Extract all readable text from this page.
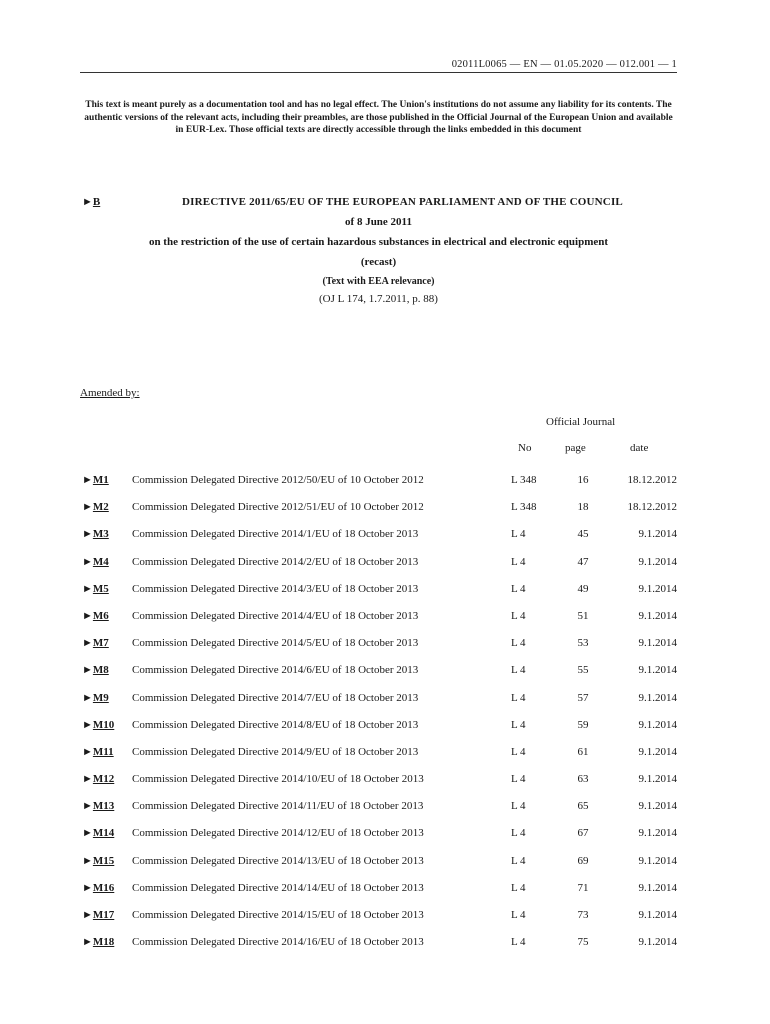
02011L0065 — EN — 01.05.2020 — 012.001 — 1
This text is meant purely as a documentation tool and has no legal effect. The Union's institutions do not assume any liability for its contents. The authentic versions of the relevant acts, including their preambles, are those published in the Official Journal of the European Union and available in EUR-Lex. Those official texts are directly accessible through the links embedded in this document
►B	DIRECTIVE 2011/65/EU OF THE EUROPEAN PARLIAMENT AND OF THE COUNCIL
of 8 June 2011
on the restriction of the use of certain hazardous substances in electrical and electronic equipment
(recast)
(Text with EEA relevance)
(OJ L 174, 1.7.2011, p. 88)
Amended by:
Official Journal
No	page	date
►M1 Commission Delegated Directive 2012/50/EU of 10 October 2012	L 348	16	18.12.2012
►M2 Commission Delegated Directive 2012/51/EU of 10 October 2012	L 348	18	18.12.2012
►M3 Commission Delegated Directive 2014/1/EU of 18 October 2013	L 4	45	9.1.2014
►M4 Commission Delegated Directive 2014/2/EU of 18 October 2013	L 4	47	9.1.2014
►M5 Commission Delegated Directive 2014/3/EU of 18 October 2013	L 4	49	9.1.2014
►M6 Commission Delegated Directive 2014/4/EU of 18 October 2013	L 4	51	9.1.2014
►M7 Commission Delegated Directive 2014/5/EU of 18 October 2013	L 4	53	9.1.2014
►M8 Commission Delegated Directive 2014/6/EU of 18 October 2013	L 4	55	9.1.2014
►M9 Commission Delegated Directive 2014/7/EU of 18 October 2013	L 4	57	9.1.2014
►M10 Commission Delegated Directive 2014/8/EU of 18 October 2013	L 4	59	9.1.2014
►M11 Commission Delegated Directive 2014/9/EU of 18 October 2013	L 4	61	9.1.2014
►M12 Commission Delegated Directive 2014/10/EU of 18 October 2013	L 4	63	9.1.2014
►M13 Commission Delegated Directive 2014/11/EU of 18 October 2013	L 4	65	9.1.2014
►M14 Commission Delegated Directive 2014/12/EU of 18 October 2013	L 4	67	9.1.2014
►M15 Commission Delegated Directive 2014/13/EU of 18 October 2013	L 4	69	9.1.2014
►M16 Commission Delegated Directive 2014/14/EU of 18 October 2013	L 4	71	9.1.2014
►M17 Commission Delegated Directive 2014/15/EU of 18 October 2013	L 4	73	9.1.2014
►M18 Commission Delegated Directive 2014/16/EU of 18 October 2013	L 4	75	9.1.2014
